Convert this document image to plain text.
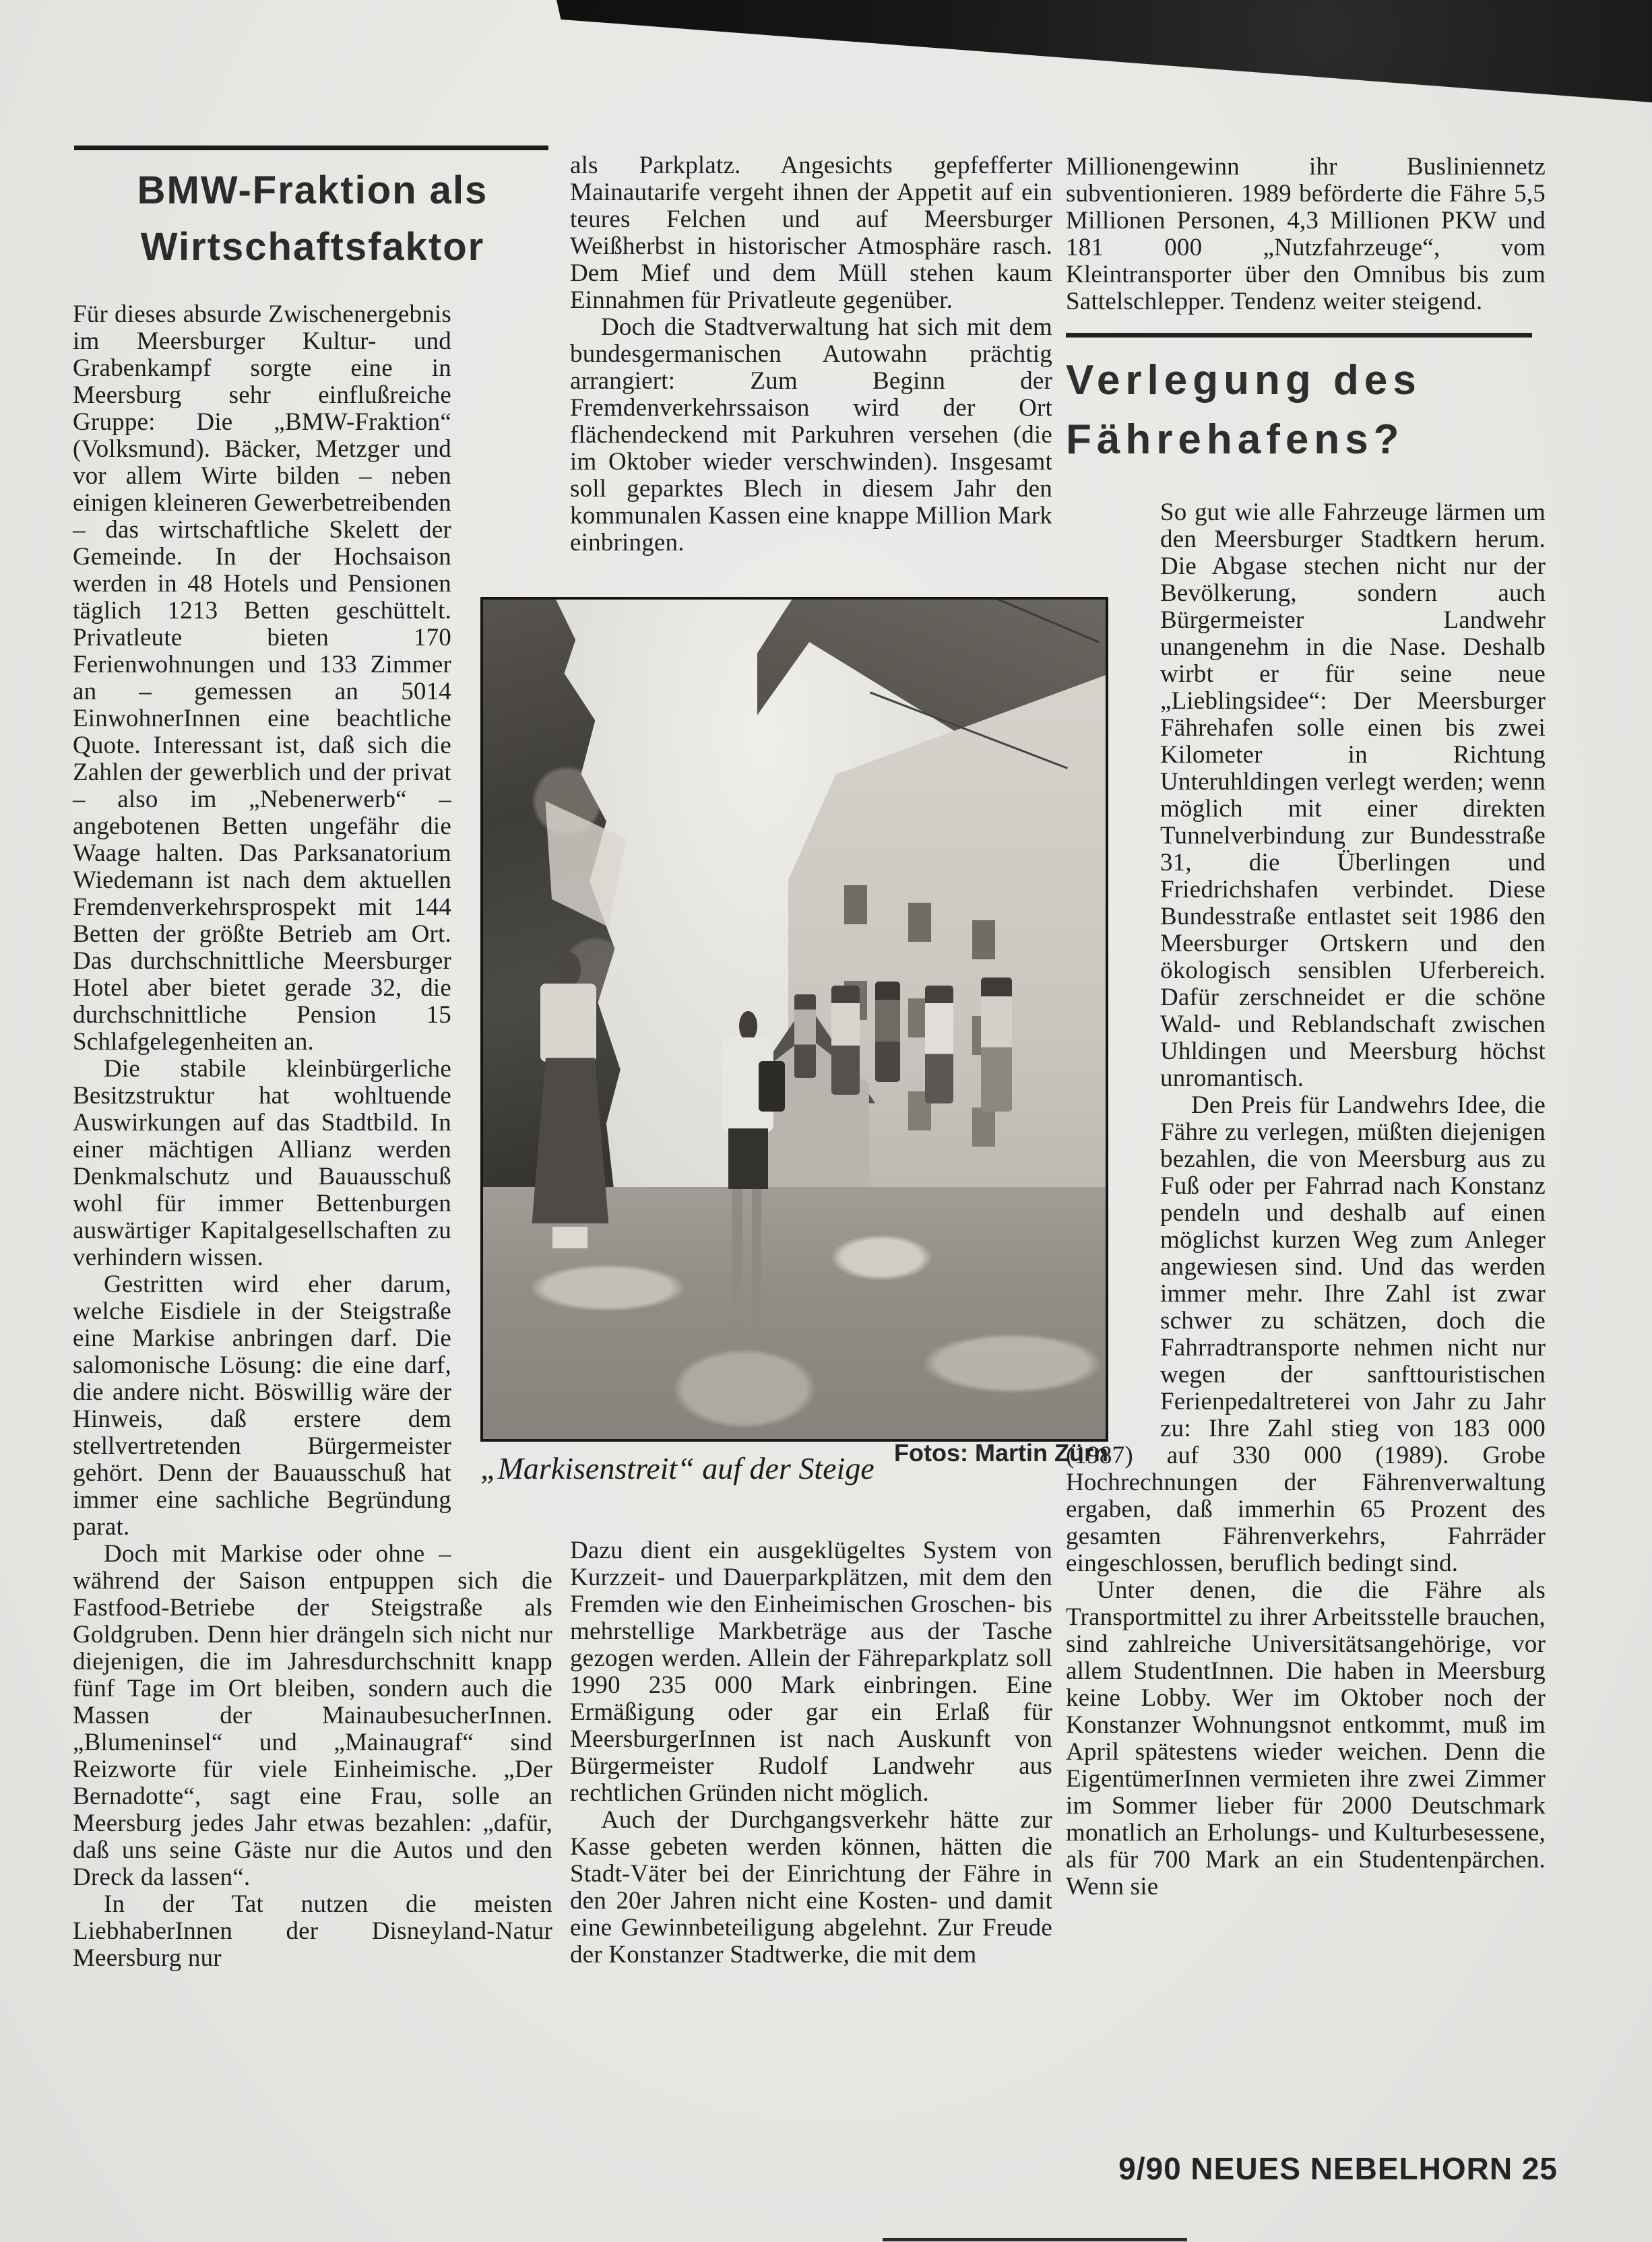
BMW-Fraktion als
Wirtschaftsfaktor

Für dieses absurde Zwischenergebnis im Meersburger Kultur- und Grabenkampf sorgte eine in Meersburg sehr einflußreiche Gruppe: Die „BMW-Fraktion“ (Volksmund). Bäcker, Metzger und vor allem Wirte bilden – neben einigen kleineren Gewerbetreibenden – das wirtschaftliche Skelett der Gemeinde. In der Hochsaison werden in 48 Hotels und Pensionen täglich 1213 Betten geschüttelt. Privatleute bieten 170 Ferienwohnungen und 133 Zimmer an – gemessen an 5014 EinwohnerInnen eine beachtliche Quote. Interessant ist, daß sich die Zahlen der gewerblich und der privat – also im „Nebenerwerb“ – angebotenen Betten ungefähr die Waage halten. Das Parksanatorium Wiedemann ist nach dem aktuellen Fremdenverkehrsprospekt mit 144 Betten der größte Betrieb am Ort. Das durchschnittliche Meersburger Hotel aber bietet gerade 32, die durchschnittliche Pension 15 Schlafgelegenheiten an.

Die stabile kleinbürgerliche Besitzstruktur hat wohltuende Auswirkungen auf das Stadtbild. In einer mächtigen Allianz werden Denkmalschutz und Bauausschuß wohl für immer Bettenburgen auswärtiger Kapitalgesellschaften zu verhindern wissen.

Gestritten wird eher darum, welche Eisdiele in der Steigstraße eine Markise anbringen darf. Die salomonische Lösung: die eine darf, die andere nicht. Böswillig wäre der Hinweis, daß erstere dem stellvertretenden Bürgermeister gehört. Denn der Bauausschuß hat immer eine sachliche Begründung parat.

Doch mit Markise oder ohne – während der Saison entpuppen sich die Fastfood-Betriebe der Steigstraße als Goldgruben. Denn hier drängeln sich nicht nur diejenigen, die im Jahresdurchschnitt knapp fünf Tage im Ort bleiben, sondern auch die Massen der MainaubesucherInnen. „Blumeninsel“ und „Mainaugraf“ sind Reizworte für viele Einheimische. „Der Bernadotte“, sagt eine Frau, solle an Meersburg jedes Jahr etwas bezahlen: „dafür, daß uns seine Gäste nur die Autos und den Dreck da lassen“.

In der Tat nutzen die meisten LiebhaberInnen der Disneyland-Natur Meersburg nur

als Parkplatz. Angesichts gepfefferter Mainautarife vergeht ihnen der Appetit auf ein teures Felchen und auf Meersburger Weißherbst in historischer Atmosphäre rasch. Dem Mief und dem Müll stehen kaum Einnahmen für Privatleute gegenüber.

Doch die Stadtverwaltung hat sich mit dem bundesgermanischen Autowahn prächtig arrangiert: Zum Beginn der Fremdenverkehrssaison wird der Ort flächendeckend mit Parkuhren versehen (die im Oktober wieder verschwinden). Insgesamt soll geparktes Blech in diesem Jahr den kommunalen Kassen eine knappe Million Mark einbringen.

„Markisenstreit“ auf der Steige Fotos: Martin Zürn

Dazu dient ein ausgeklügeltes System von Kurzzeit- und Dauerparkplätzen, mit dem den Fremden wie den Einheimischen Groschen- bis mehrstellige Markbeträge aus der Tasche gezogen werden. Allein der Fähreparkplatz soll 1990 235 000 Mark einbringen. Eine Ermäßigung oder gar ein Erlaß für MeersburgerInnen ist nach Auskunft von Bürgermeister Rudolf Landwehr aus rechtlichen Gründen nicht möglich.

Auch der Durchgangsverkehr hätte zur Kasse gebeten werden können, hätten die Stadt-Väter bei der Einrichtung der Fähre in den 20er Jahren nicht eine Kosten- und damit eine Gewinnbeteiligung abgelehnt. Zur Freude der Konstanzer Stadtwerke, die mit dem

Millionengewinn ihr Busliniennetz subventionieren. 1989 beförderte die Fähre 5,5 Millionen Personen, 4,3 Millionen PKW und 181 000 „Nutzfahrzeuge“, vom Kleintransporter über den Omnibus bis zum Sattelschlepper. Tendenz weiter steigend.

Verlegung des
Fährehafens?

So gut wie alle Fahrzeuge lärmen um den Meersburger Stadtkern herum. Die Abgase stechen nicht nur der Bevölkerung, sondern auch Bürgermeister Landwehr unangenehm in die Nase. Deshalb wirbt er für seine neue „Lieblingsidee“: Der Meersburger Fährehafen solle einen bis zwei Kilometer in Richtung Unteruhldingen verlegt werden; wenn möglich mit einer direkten Tunnelverbindung zur Bundesstraße 31, die Überlingen und Friedrichshafen verbindet. Diese Bundesstraße entlastet seit 1986 den Meersburger Ortskern und den ökologisch sensiblen Uferbereich. Dafür zerschneidet er die schöne Wald- und Reblandschaft zwischen Uhldingen und Meersburg höchst unromantisch.

Den Preis für Landwehrs Idee, die Fähre zu verlegen, müßten diejenigen bezahlen, die von Meersburg aus zu Fuß oder per Fahrrad nach Konstanz pendeln und deshalb auf einen möglichst kurzen Weg zum Anleger angewiesen sind. Und das werden immer mehr. Ihre Zahl ist zwar schwer zu schätzen, doch die Fahrradtransporte nehmen nicht nur wegen der sanfttouristischen Ferienpedaltreterei von Jahr zu Jahr zu: Ihre Zahl stieg von 183 000 (1987) auf 330 000 (1989). Grobe Hochrechnungen der Fährenverwaltung ergaben, daß immerhin 65 Prozent des gesamten Fährenverkehrs, Fahrräder eingeschlossen, beruflich bedingt sind.

Unter denen, die die Fähre als Transportmittel zu ihrer Arbeitsstelle brauchen, sind zahlreiche Universitätsangehörige, vor allem StudentInnen. Die haben in Meersburg keine Lobby. Wer im Oktober noch der Konstanzer Wohnungsnot entkommt, muß im April spätestens wieder weichen. Denn die EigentümerInnen vermieten ihre zwei Zimmer im Sommer lieber für 2000 Deutschmark monatlich an Erholungs- und Kulturbesessene, als für 700 Mark an ein Studentenpärchen. Wenn sie

9/90 NEUES NEBELHORN 25
